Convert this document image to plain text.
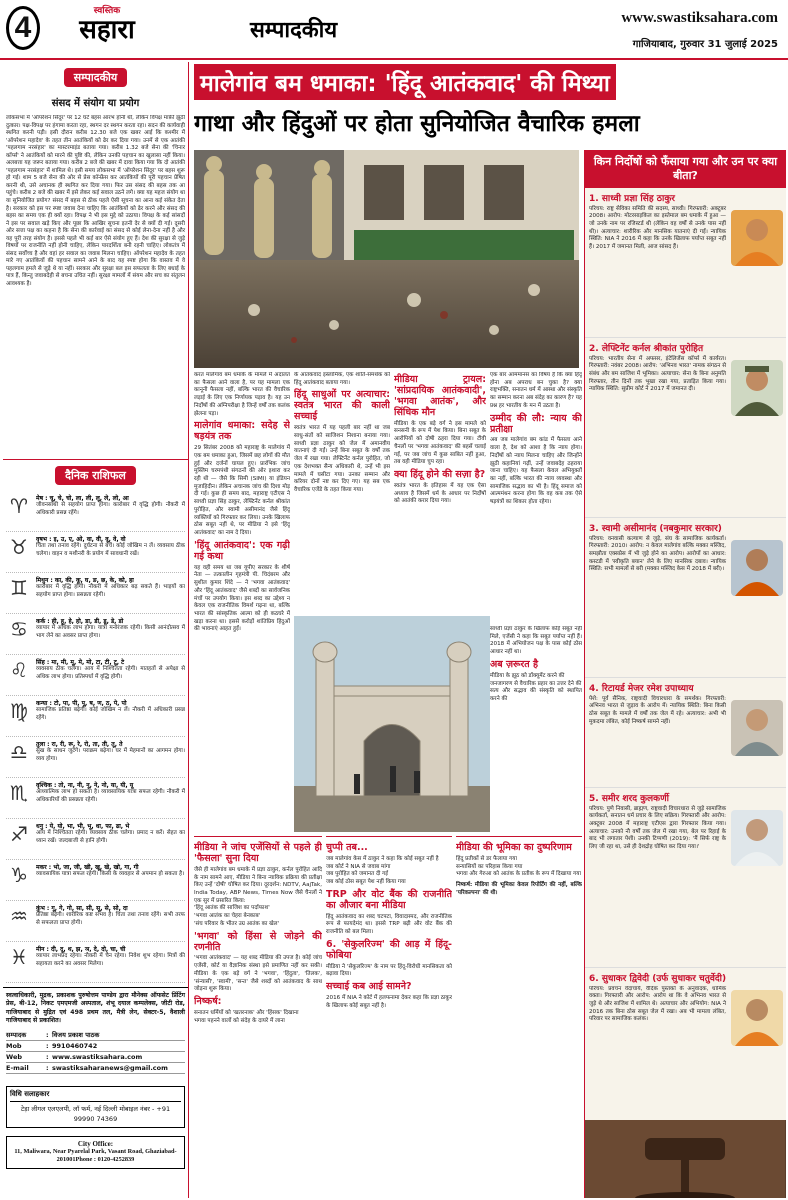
4	स्वस्तिक
सहारा	सम्पादकीय	www.swastiksahara.com
गाजियाबाद, गुरुवार 31 जुलाई 2025
सम्पादकीय
संसद में संयोग या प्रयोग
लोकसभा में 'ऑपरेशन सिंदूर' पर 12 घंटे बहस आरंभ होनी थी, लेकिन विपक्ष माफ़ी झूठी दुत्कार। पक्ष-विपक्ष पर हंगामा करता रहा, स्थगन दर स्थगन करता रहा। सदन की कार्यवाही स्थगित करनी पड़ी। इसी दौरान करीब 12.30 बजे एक खबर आई कि कश्मीर में 'ऑपरेशन महादेव' के तहत तीन आतंकियों को ढेर कर दिया गया। उनमें से एक आतंकी 'पहलगाम नरसंहार' का मास्टरमाइंड बताया गया। करीब 1.32 बजे सेना की 'चिनार कॉर्प्स' ने आतंकियों को मारने की पुष्टि की, लेकिन उनकी पहचान का खुलासा नहीं किया। अलबत्ता यह जरूर बताया गया। करीब 2 बजे की खबर में दावा किया गया कि दो आतंकी 'पहलगाम नरसंहार' में शामिल थे। इसी समय लोकसभा में 'ऑपरेशन सिंदूर' पर बहस शुरू हो गई। शाम 5 बजे सेना की ओर से प्रेस कॉन्फ्रेंस कर आतंकियों की पूरी पहचान प्रेषित करनी थी, उसे अचानक ही स्थगित कर दिया गया। फिर उस संसद की बहस तक आ पहुंचे। करीब 2 बजे की खबर में इसे लेकर कई सवाल उठने लगे। क्या यह महज संयोग था या सुनियोजित प्रयोग? संसद में बहस से ठीक पहले ऐसी सूचना का आना कई संकेत देता है। सरकार को इस पर स्पष्ट जवाब देना चाहिए कि आतंकियों को ढेर करने और संसद की बहस का समय एक ही क्यों रहा। विपक्ष ने भी इस मुद्दे को उठाया। विपक्ष के कई सांसदों ने इस पर सवाल खड़े किए और पूछा कि आखिर सूचना इतनी देर से क्यों दी गई। दूसरी ओर सत्ता पक्ष का कहना है कि सेना की कार्रवाई का संसद से कोई लेना-देना नहीं है और यह पूरी तरह संयोग है। इससे पहले भी कई बार ऐसे संयोग हुए हैं। देश की सुरक्षा से जुड़े विषयों पर राजनीति नहीं होनी चाहिए, लेकिन पारदर्शिता बनी रहनी चाहिए। लोकतंत्र में संसद सर्वोच्च है और वहां हर सवाल का जवाब मिलना चाहिए। ऑपरेशन महादेव के तहत मारे गए आतंकियों की पहचान सामने आने के बाद यह स्पष्ट होगा कि वास्तव में वे पहलगाम हमले से जुड़े थे या नहीं। सरकार और सुरक्षा बल इस सफलता के लिए बधाई के पात्र हैं, किन्तु जवाबदेही से बचना उचित नहीं। सुरक्षा मामलों में संयम और सच का संतुलन आवश्यक है।
दैनिक राशिफल
♈	मेष : चू, चे, चो, ला, ली, लू, ले, लो, आ
जीवनसाथी से सहयोग प्राप्त होगा। कारोबार में वृद्धि होगी। नौकरी में अधिकारी प्रसन्न रहेंगे।
♉	वृषभ : इ, उ, ए, ओ, वा, वी, वू, वे, वो
चिंता तथा तनाव रहेंगे। दुर्घटना से बचें। कोई जोखिम न लें। व्यवसाय ठीक चलेगा। वाहन व मशीनरी के प्रयोग में सावधानी रखें।
♊	मिथुन : का, की, कू, घ, ङ, छ, के, को, हा
कारोबार में वृद्धि होगी। नौकरी में अधिकार बढ़ सकते हैं। भाइयों का सहयोग प्राप्त होगा। प्रसन्नता रहेगी।
♋	कर्क : ही, हू, हे, हो, डा, डी, डू, डे, डो
व्यापार में अधिक लाभ होगा। यात्रा मनोरंजक रहेगी। किसी आनंदोत्सव में भाग लेने का अवसर प्राप्त होगा।
♌	सिंह : मा, मी, मू, मे, मो, टा, टी, टू, टे
व्यवसाय ठीक चलेगा। आय में निश्चितता रहेगी। मातहतों से अपेक्षा से अधिक लाभ होगा। प्रतिस्पर्धा में वृद्धि होगी।
♍	कन्या : टो, पा, पी, पू, ष, ण, ठ, पे, पो
सामाजिक प्रतिष्ठा बढ़ेगी। कोई जोखिम न लें। नौकरी में अधिकारी प्रसन्न रहेंगे।
♎	तुला : रा, री, रू, रे, रो, ता, ती, तू, ते
सुख के साधन जुटेंगे। पराक्रम बढ़ेगा। घर में मेहमानों का आगमन होगा। व्यय होगा।
♏	वृश्चिक : तो, ना, नी, नू, ने, नो, या, यी, यू
आध्यात्मिक लाभ हो सकता है। व्यावसायिक यात्रा सफल रहेगी। नौकरी में अधिकारियों की प्रसन्नता रहेगी।
♐	धनु : ये, यो, भा, भी, भू, धा, फा, ढा, भे
आय में निश्चितता रहेगी। व्यवसाय ठीक चलेगा। प्रमाद न करें। सेहत का ध्यान रखें। जल्दबाजी से हानि होगी।
♑	मकर : भो, जा, जी, खी, खू, खे, खो, गा, गी
व्यावसायिक यात्रा सफल रहेगी। किसी के व्यवहार से अपमान हो सकता है।
♒	कुंभ : गू, गे, गो, सा, सी, सू, से, सो, दा
प्रतिष्ठा बढ़ेगी। शारीरिक कष्ट संभव है। चिंता तथा तनाव रहेंगे। सभी तरफ से सफलता प्राप्त होगी।
♓	मीन : दी, दू, थ, झ, ञ, दे, दो, चा, ची
व्यापार लाभप्रद रहेगा। नौकरी में चैन रहेगा। निवेश शुभ रहेगा। मित्रों की सहायता करने का अवसर मिलेगा।
स्वत्वाधिकारी, मुद्रक, प्रकाशक पुरुषोत्तम पाण्डेय द्वारा मौनेक्स ऑफसेट प्रिंटिंग प्रेस, बी-12, निकट एमएमजी अस्पताल, शंभू दयाल कम्पलेक्स, जीटी रोड, गाजियाबाद से मुद्रित एवं 498 प्रथम तल, मैत्री लेन, सेक्टर-5, वैशाली गाजियाबाद से प्रकाशित।
सम्पादक	:	विजय प्रकाश पाठक
Mob	:	9910460742
Web	:	www.swastiksahara.com
E-mail	:	swastiksaharanews@gmail.com
विधि सलाहकार
टेड़ा लीगल एलएलपी, लॉ फर्म, नई दिल्ली मोबाइल नंबर - +91 99990 74369
City Office:
11, Maliwara, Near Pyarelal Park, Vasant Road, Ghaziabad-201001Phone : 0120-4252839
मालेगांव बम धमाका: 'हिंदू आतंकवाद' की मिथ्या
गाथा और हिंदुओं पर होता सुनियोजित वैचारिक हमला
करत मालेगांव बम धमाके के मामले में अदालत का फैसला आने वाला है, पर यह मामला एक कानूनी फैसला नहीं, बल्कि भारत की वैचारिक लड़ाई के लिए एक निर्णायक पड़ाव है। यह उन निर्दोषों की अग्निपरीक्षा है जिन्हें वर्षों तक कलंक झेलना पड़ा।
मालेगांव धमाका: सदेह से षड़यंत्र तक
29 सितंबर 2008 को महाराष्ट्र के मालेगांव में एक बम धमाका हुआ, जिसमें छह लोगों की मौत हुई और दर्जनों घायल हुए। प्रारंभिक जांच मुस्लिम चरमपंथी संगठनों की ओर इशारा कर रही थी — जैसे कि सिमी (SIMI) या इंडियन मुजाहिदीन। लेकिन अचानक जांच की दिशा मोड़ दी गई। कुछ ही समय बाद, महाराष्ट्र एटीएस ने साध्वी प्रज्ञा सिंह ठाकुर, लेफ्टिनेंट कर्नल श्रीकांत पुरोहित, और स्वामी असीमानंद जैसे हिंदू व्यक्तियों को गिरफ्तार कर लिया। उनके खिलाफ ठोस सबूत नहीं थे, पर मीडिया ने इसे 'हिंदू आतंकवाद' का नाम दे दिया।
'हिंदू आतंकवाद': एक गढ़ी गई कथा
यह वही समय था जब यूपीए सरकार के शीर्ष नेता — तत्कालीन गृहमंत्री पी. चिदंबरम और सुशील कुमार शिंदे — ने 'भगवा आतंकवाद' और 'हिंदू आतंकवाद' जैसे शब्दों का सार्वजनिक मंचों पर उपयोग किया। इस शब्द का उद्देश्य न केवल एक राजनीतिक विमर्श गढ़ना था, बल्कि भारत की सांस्कृतिक आत्मा को ही कठघरे में खड़ा करना था। इससे करोड़ों शांतिप्रिय हिंदुओं की भावनाएं आहत हुईं।
के आतंकवाद इस्लामिक, एक शांति-समर्थक को हिंदू आतंकवाद बताया गया।
हिंदू साधुओं पर अत्याचार: स्वतंत्र भारत की काली सच्चाई
स्वतंत्र भारत में यह पहली बार नहीं था जब साधु-संतों को साजिशन निशाना बनाया गया। साध्वी प्रज्ञा ठाकुर को जेल में अमानवीय यातनाएं दी गईं। उन्हें बिना सबूत के वर्षों तक जेल में रखा गया। लेफ्टिनेंट कर्नल पुरोहित, जो एक देशभक्त सैन्य अधिकारी थे, उन्हें भी इस मामले में घसीटा गया। उनका सम्मान और करियर दोनों नष्ट कर दिए गए। यह सब एक वैचारिक एजेंडे के तहत किया गया।
मीडिया ट्रायल: 'सांप्रदायिक आतंकवादी', 'भगवा आतंक', और सिंधिक मौन
मीडिया के एक बड़े वर्ग ने इस मामले को सनसनी के रूप में पेश किया। बिना सबूत के आरोपियों को दोषी ठहरा दिया गया। टीवी चैनलों पर 'भगवा आतंकवाद' की बहसें चलाई गईं, पर जब जांच में कुछ साबित नहीं हुआ, तब वही मीडिया चुप रहा।
क्या हिंदू होने की सज़ा है?
स्वतंत्र भारत के इतिहास में यह एक ऐसा अध्याय है जिसमें धर्म के आधार पर निर्दोषों को आतंकी करार दिया गया।
एक बार आममानस का विषय है कि क्या हिंदू होना अब अपराध बन चुका है? क्या राष्ट्रभक्ति, सनातन धर्म में आस्था और संस्कृति का सम्मान करना अब संदेह का कारण है? यह प्रश्न हर भारतीय के मन में उठता है।
उम्मीद की लौ: न्याय की प्रतीक्षा
अब जब मालेगांव बम कांड में फैसला आने वाला है, देश को आशा है कि न्याय होगा। निर्दोषों को न्याय मिलना चाहिए और जिन्होंने झूठी कहानियां गढ़ीं, उन्हें जवाबदेह ठहराया जाना चाहिए। यह फैसला केवल अभियुक्तों का नहीं, बल्कि भारत की न्याय व्यवस्था और सामाजिक सद्भाव का भी है। हिंदू समाज को आत्ममंथन करना होगा कि वह कब तक ऐसे षड़यंत्रों का शिकार होता रहेगा।
साध्वी प्रज्ञा ठाकुर के खिलाफ कोई सबूत नहीं मिले, एजेंसी ने कहा कि सबूत पर्याप्त नहीं हैं। 2018 में अभियोजन पक्ष के पास कोई ठोस आधार नहीं था।
अब ज़रूरत है
मीडिया के झूठ को डॉक्यूमेंट करने की
जनजागरण से वैचारिक प्रहार का उत्तर देने की
सत्य और सद्भाव की संस्कृति को स्थापित करने की
मीडिया ने जांच एजेंसियों से पहले ही 'फैसला' सुना दिया
जैसे ही मालेगांव बम धमाके में प्रज्ञा ठाकुर, कर्नल पुरोहित आदि के नाम सामने आए, मीडिया ने बिना न्यायिक प्रक्रिया की प्रतीक्षा किए उन्हें 'दोषी' घोषित कर दिया। दूरदर्शन: NDTV, AajTak, India Today, ABP News, Times Now जैसे चैनलों ने एक सुर में प्रसारित किया:
'हिंदू आतंक की साजिश का पर्दाफाश'
'भगवा आतंक का चेहरा बेनकाब'
'संघ परिवार के भीतर उग्र आतंक का खेल'
'भगवा' को हिंसा से जोड़ने की रणनीति
'भगवा आतंकवाद' — यह शब्द मीडिया की उपज है। कोई जांच एजेंसी, कोर्ट या वैज्ञानिक संस्था इसे प्रमाणित नहीं कर सकी। मीडिया के एक बड़े वर्ग ने 'भगवा', 'हिंदुत्व', 'तिलक', 'संन्यासी', 'स्वामी', 'सन्त' जैसे शब्दों को आतंकवाद के साथ जोड़ना शुरू किया।
निष्कर्ष:
सनातन धर्मियों को 'खतरनाक' और 'हिंसक' दिखाना
भगवा पहनने वालों को संदेह के दायरे में लाना
चुप्पी तब...
जब मालेगांव केस में ठाकुर ने कहा कि कोई सबूत नहीं है
जब कोर्ट ने NIA से जवाब मांगा
जब पुरोहित को जमानत दी गई
जब कोई ठोस सबूत पेश नहीं किया गया
TRP और वोट बैंक की राजनीति का औजार बना मीडिया
हिंदू आतंकवाद का शब्द चटपटा, विवादास्पद, और राजनीतिक रूप से फायदेमंद था। इससे TRP बढ़ी और वोट बैंक की राजनीति को बल मिला।
6. 'सेकुलरिज्म' की आड़ में हिंदू-फोबिया
मीडिया ने 'सेकुलरिज्म' के नाम पर हिंदू-विरोधी मानसिकता को बढ़ावा दिया।
सच्चाई कब आई सामने?
2016 में NIA ने कोर्ट में हलफनामा देकर कहा कि प्रज्ञा ठाकुर के खिलाफ कोई सबूत नहीं है।
मीडिया की भूमिका का दुष्परिणाम
हिंदू प्रतीकों से डर फैलाया गया
सन्यासियों का परिहास किया गया
भगवा और गेरुआ को आतंक के प्रतीक के रूप में दिखाया गया
निष्कर्ष: मीडिया की भूमिका केवल रिपोर्टिंग की नहीं, बल्कि 'परिकल्पना' की थी।
किन निर्दोषों को फँसाया गया और उन पर क्या बीता?
1. साध्वी प्रज्ञा सिंह ठाकुर
परिचय: राष्ट्र सेविका समिति की सदस्य, साध्वी। गिरफ्तारी: अक्टूबर 2008। आरोप: मोटरसाइकिल का इस्तेमाल बम धमाके में हुआ — जो उनके नाम पर रजिस्टर्ड थी (लेकिन वह वर्षों से उनके पास नहीं थी)। अत्याचार: शारीरिक और मानसिक यातनाएं दी गईं। न्यायिक स्थिति: NIA ने 2016 में कहा कि उनके खिलाफ पर्याप्त सबूत नहीं हैं। 2017 में जमानत मिली, आज सांसद हैं।
2. लेफ्टिनेंट कर्नल श्रीकांत पुरोहित
परिचय: भारतीय सेना में अफसर, इंटेलिजेंस कॉर्प्स में कार्यरत। गिरफ्तारी: नवंबर 2008। आरोप: 'अभिनव भारत' नामक संगठन से संबंध और बम साजिश में भूमिका। अत्याचार: सेना के बिना अनुमति गिरफ्तार, तीन दिनों तक भूखा रखा गया, प्रताड़ित किया गया। न्यायिक स्थिति: सुप्रीम कोर्ट ने 2017 में जमानत दी।
3. स्वामी असीमानंद (नबकुमार सरकार)
परिचय: वनवासी कल्याण से जुड़े, संघ के सामाजिक कार्यकर्ता। गिरफ्तारी: 2010। आरोप: न केवल मालेगांव बल्कि मक्का मस्जिद, समझौता एक्सप्रेस में भी जुड़े होने का आरोप। आरोपों का आधार: कस्टडी में 'स्वीकृति बयान' लेने के लिए मानसिक दबाव। न्यायिक स्थिति: सभी मामलों से बरी (मक्का मस्जिद केस में 2018 में बरी)।
4. रिटायर्ड मेजर रमेश उपाध्याय
पेशे: पूर्व सैनिक, राष्ट्रवादी विचारधारा के समर्थक। गिरफ्तारी: अभिनव भारत से जुड़ाव के आरोप में। न्यायिक स्थिति: बिना किसी ठोस सबूत के मामले में वर्षों तक जेल में रहे। अत्याचार: अभी भी मुकदमा लंबित, कोई निष्कर्ष सामने नहीं।
5. समीर शरद कुलकर्णी
परिचय: पुणे निवासी, ब्राह्मण, राष्ट्रवादी विचारधारा से जुड़े सामाजिक कार्यकर्ता, सनातन धर्म प्रचार के लिए सक्रिय। गिरफ्तारी और आरोप: अक्टूबर 2008 में महाराष्ट्र एटीएस द्वारा गिरफ्तार किया गया। अत्याचार: उनको नौ वर्षों तक जेल में रखा गया, बेल पर रिहाई के बाद भी लगातार पेशी। उनकी टिप्पणी (2019): 'मैं सिर्फ राष्ट्र के लिए जी रहा था, उसे ही देशद्रोह घोषित कर दिया गया।'
6. सुधाकर द्विवेदी (उर्फ सुधाकर चतुर्वेदी)
परिचय: प्रवचन वेदाचार्य, वैदिक पुस्तकों के अनुवादक, धार्मिक वक्ता। गिरफ्तारी और आरोप: आरोप था कि वे अभिनव भारत से जुड़े थे और साजिश में शामिल थे। अत्याचार और अभियोग: NIA ने 2016 तक बिना ठोस सबूत जेल में रखा। अब भी मामला लंबित, परिवार पर सामाजिक कलंक।
